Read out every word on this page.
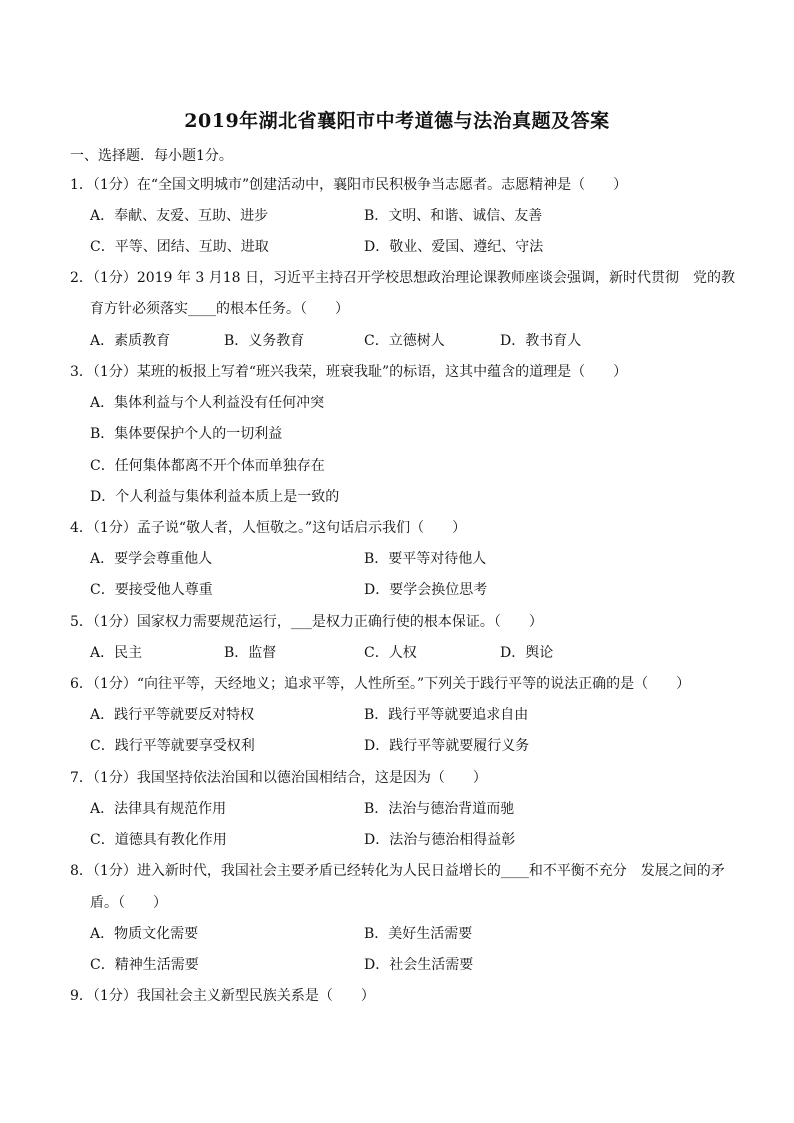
2019年湖北省襄阳市中考道德与法治真题及答案
一、选择题．每小题1分。
1．（1分）在“全国文明城市”创建活动中，襄阳市民积极争当志愿者。志愿精神是（　　）
A．奉献、友爱、互助、进步	B．文明、和谐、诚信、友善
C．平等、团结、互助、进取	D．敬业、爱国、遵纪、守法
2．（1分）2019 年 3 月18 日，习近平主持召开学校思想政治理论课教师座谈会强调，新时代贯彻　党的教
育方针必须落实____的根本任务。（　　）
A．素质教育	B．义务教育	C．立德树人	D．教书育人
3．（1分）某班的板报上写着“班兴我荣，班衰我耻”的标语，这其中蕴含的道理是（　　）
A．集体利益与个人利益没有任何冲突
B．集体要保护个人的一切利益
C．任何集体都离不开个体而单独存在
D．个人利益与集体利益本质上是一致的
4．（1分）孟子说“敬人者，人恒敬之。”这句话启示我们（　　）
A．要学会尊重他人	B．要平等对待他人
C．要接受他人尊重	D．要学会换位思考
5．（1分）国家权力需要规范运行，___是权力正确行使的根本保证。（　　）
A．民主	B．监督	C．人权	D．舆论
6．（1分）“向往平等，天经地义；追求平等，人性所至。”下列关于践行平等的说法正确的是（　　）
A．践行平等就要反对特权	B．践行平等就要追求自由
C．践行平等就要享受权利	D．践行平等就要履行义务
7．（1分）我国坚持依法治国和以德治国相结合，这是因为（　　）
A．法律具有规范作用	B．法治与德治背道而驰
C．道德具有教化作用	D．法治与德治相得益彰
8．（1分）进入新时代，我国社会主要矛盾已经转化为人民日益增长的____和不平衡不充分　发展之间的矛
盾。（　　）
A．物质文化需要	B．美好生活需要
C．精神生活需要	D．社会生活需要
9．（1分）我国社会主义新型民族关系是（　　）
